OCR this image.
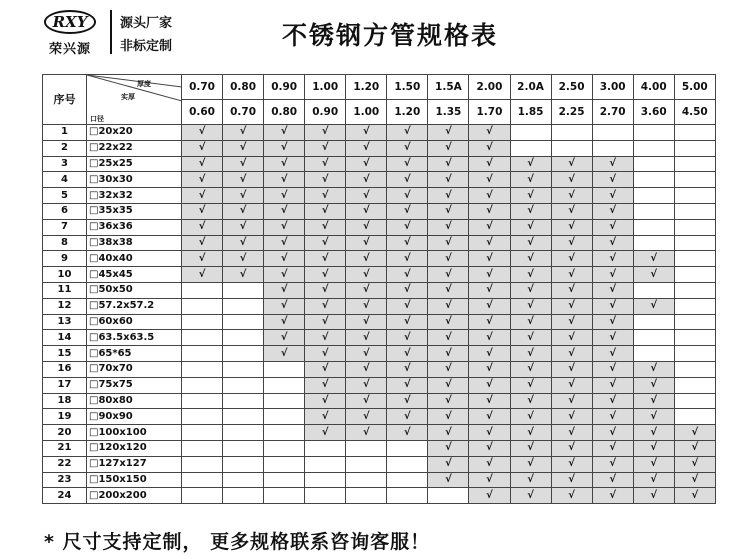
RXY
荣兴源
源头厂家
非标定制	不锈钢方管规格表
序号	厚度
实厚
口径	0.70	0.80	0.90	1.00	1.20	1.50	1.5A	2.00	2.0A	2.50	3.00	4.00	5.00
		0.60	0.70	0.80	0.90	1.00	1.20	1.35	1.70	1.85	2.25	2.70	3.60	4.50
1	□20x20	√	√	√	√	√	√	√	√					
2	□22x22	√	√	√	√	√	√	√	√					
3	□25x25	√	√	√	√	√	√	√	√	√	√	√		
4	□30x30	√	√	√	√	√	√	√	√	√	√	√		
5	□32x32	√	√	√	√	√	√	√	√	√	√	√		
6	□35x35	√	√	√	√	√	√	√	√	√	√	√		
7	□36x36	√	√	√	√	√	√	√	√	√	√	√		
8	□38x38	√	√	√	√	√	√	√	√	√	√	√		
9	□40x40	√	√	√	√	√	√	√	√	√	√	√	√	
10	□45x45	√	√	√	√	√	√	√	√	√	√	√	√	
11	□50x50			√	√	√	√	√	√	√	√	√		
12	□57.2x57.2			√	√	√	√	√	√	√	√	√	√	
13	□60x60			√	√	√	√	√	√	√	√	√		
14	□63.5x63.5			√	√	√	√	√	√	√	√	√		
15	□65*65			√	√	√	√	√	√	√	√	√		
16	□70x70				√	√	√	√	√	√	√	√	√	
17	□75x75				√	√	√	√	√	√	√	√	√	
18	□80x80				√	√	√	√	√	√	√	√	√	
19	□90x90				√	√	√	√	√	√	√	√	√	
20	□100x100				√	√	√	√	√	√	√	√	√	√
21	□120x120							√	√	√	√	√	√	√
22	□127x127							√	√	√	√	√	√	√
23	□150x150							√	√	√	√	√	√	√
24	□200x200								√	√	√	√	√	√
* 尺寸支持定制， 更多规格联系咨询客服！
